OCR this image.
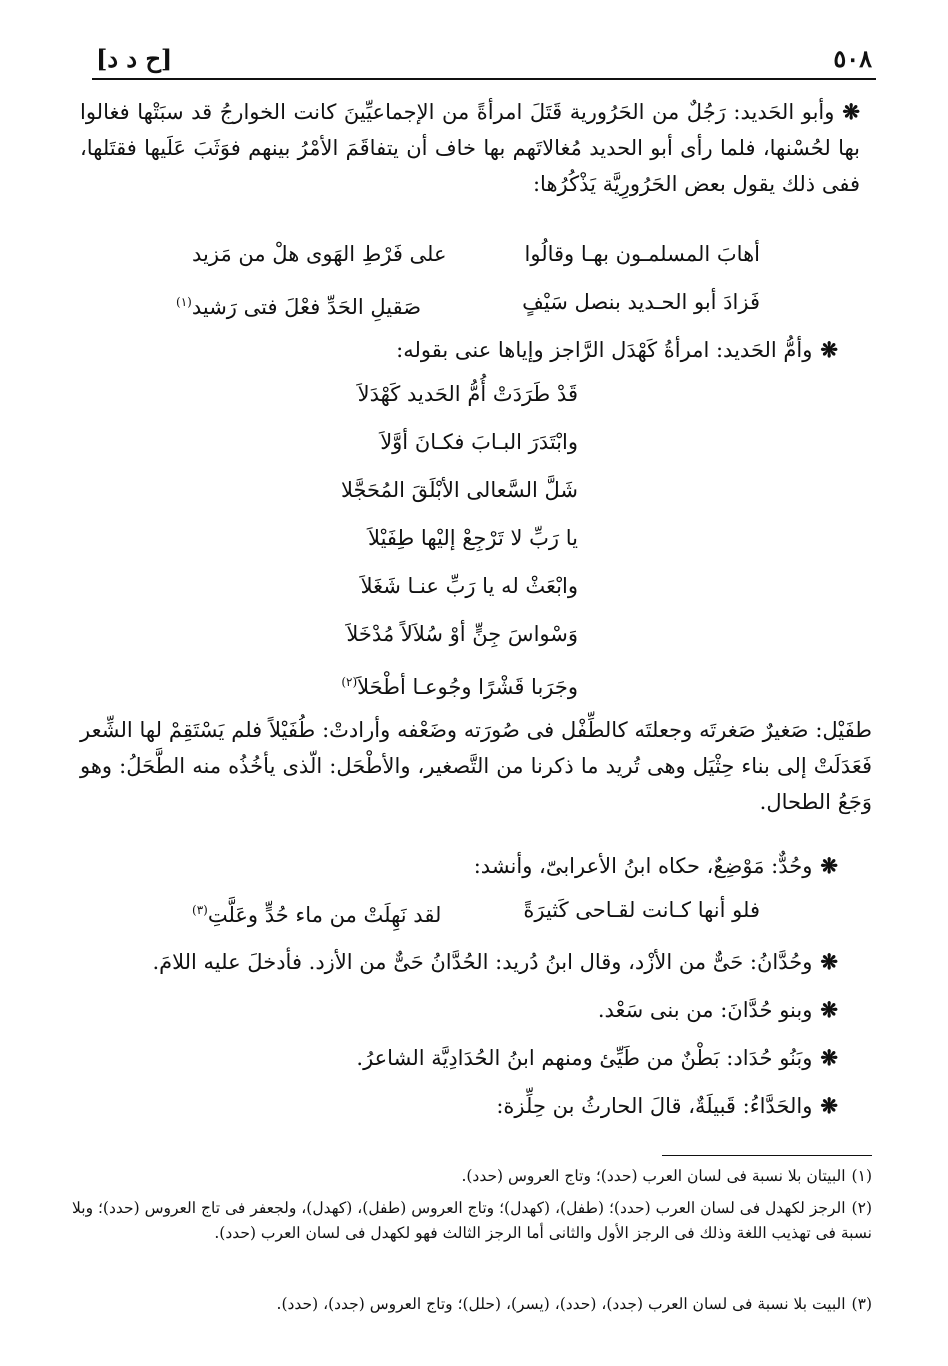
٥٠٨
[ح د د]
❋وأبو الحَديد: رَجُلٌ من الحَرُورية قَتَلَ امرأةً من الإجماعيِّينَ كانت الخوارجُ قد سبَتْها فغالوا بها لحُسْنها، فلما رأى أبو الحديد مُغالاتَهم بها خاف أن يتفاقَمَ الأمْرُ بينهم فوَثَبَ عَلَيها فقتَلها، ففى ذلك يقول بعض الحَرُورِيَّة يَذْكُرُها:
أهابَ المسلمـون بهـا وقالُوا
على فَرْطِ الهَوى هلْ من مَزيد
فَزادَ أبو الحـديد بنصل سَيْفٍ
صَقيلِ الحَدِّ فعْلَ فتى رَشيد$^{(١)}$
❋وأمُّ الحَديد: امرأةُ كَهْدَل الرَّاجز وإياها عنى بقوله:
قَدْ طَرَدَتْ أُمُّ الحَديد كَهْدَلاَ
وابْتَدَرَ البـابَ فكـانَ أوَّلاَ
شَلَّ السَّعالى الأبْلَقَ المُحَجَّلا
يا رَبِّ لا تَرْجِعْ إليْها طِفَيْلاَ
وابْعَثْ له يا رَبِّ عنـا شَغَلاَ
وَسْواسَ جِنٍّ أوْ سُلاَلاً مُدْخَلاَ
وجَرَبا قَشْرًا وجُوعـا أطْحَلاَ$^{(٢)}$
طفَيْل: صَغيرٌ صَغرتَه وجعلتَه كالطِّفْل فى صُورَته وضَعْفه وأرادتْ: طُفَيْلاً فلم يَسْتَقِمْ لها الشِّعر فَعَدَلَتْ إلى بناء حِثْيَل وهى تُريد ما ذكرنا من التَّصغير، والأطْحَل: الّذى يأخُذُه منه الطَّحَلُ: وهو وَجَعُ الطحال.
❋وحُدٌّ: مَوْضِعٌ، حكاه ابنُ الأعرابىّ، وأنشد:
فلو أنها كـانت لقـاحى كَثيرَةً
لقد نَهِلَتْ من ماء حُدٍّ وعَلَّتِ$^{(٣)}$
❋وحُدَّانُ: حَىٌّ من الأزْد، وقال ابنُ دُريد: الحُدَّانُ حَىٌّ من الأزد. فأدخلَ عليه اللامَ.
❋وبنو حُدَّانَ: من بنى سَعْد.
❋وبَنُو حُدَاد: بَطْنٌ من طَيِّئ ومنهم ابنُ الحُدَادِيَّة الشاعرُ.
❋والحَدَّاءُ: قَبيلَةٌ، قالَ الحارثُ بن حِلِّزة:
(١)البيتان بلا نسبة فى لسان العرب (حدد)؛ وتاج العروس (حدد).
(٢)الرجز لكهدل فى لسان العرب (حدد)؛ (طفل)، (كهدل)؛ وتاج العروس (طفل)، (كهدل)، ولجعفر فى تاج العروس (حدد)؛ وبلا نسبة فى تهذيب اللغة وذلك فى الرجز الأول والثانى أما الرجز الثالث فهو لكهدل فى لسان العرب (حدد).
(٣)البيت بلا نسبة فى لسان العرب (جدد)، (حدد)، (يسر)، (حلل)؛ وتاج العروس (جدد)، (حدد).
